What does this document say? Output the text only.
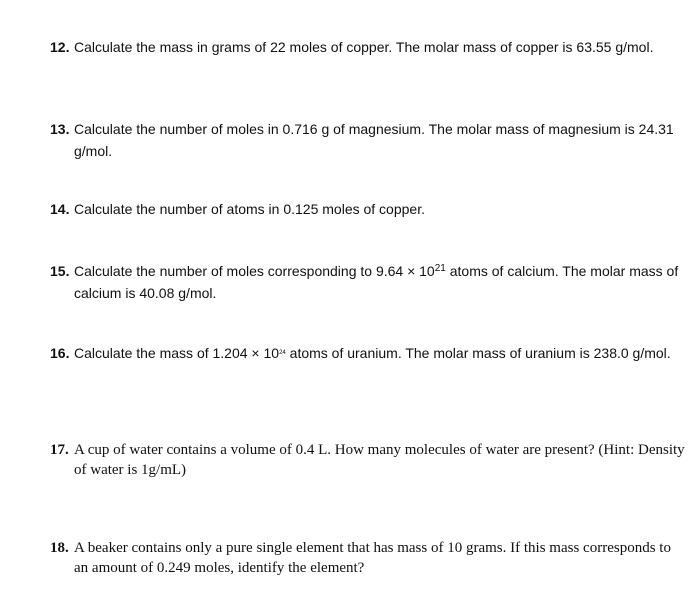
12. Calculate the mass in grams of 22 moles of copper. The molar mass of copper is 63.55 g/mol.

13. Calculate the number of moles in 0.716 g of magnesium. The molar mass of magnesium is 24.31 g/mol.

14. Calculate the number of atoms in 0.125 moles of copper.

15. Calculate the number of moles corresponding to $9.64 \times 10^{21}$ atoms of calcium. The molar mass of calcium is 40.08 g/mol.

16. Calculate the mass of $1.204 \times 10^{24}$ atoms of uranium. The molar mass of uranium is 238.0 g/mol.

17. A cup of water contains a volume of 0.4 L. How many molecules of water are present? (Hint: Density of water is 1g/mL)

18. A beaker contains only a pure single element that has mass of 10 grams. If this mass corresponds to an amount of 0.249 moles, identify the element?
